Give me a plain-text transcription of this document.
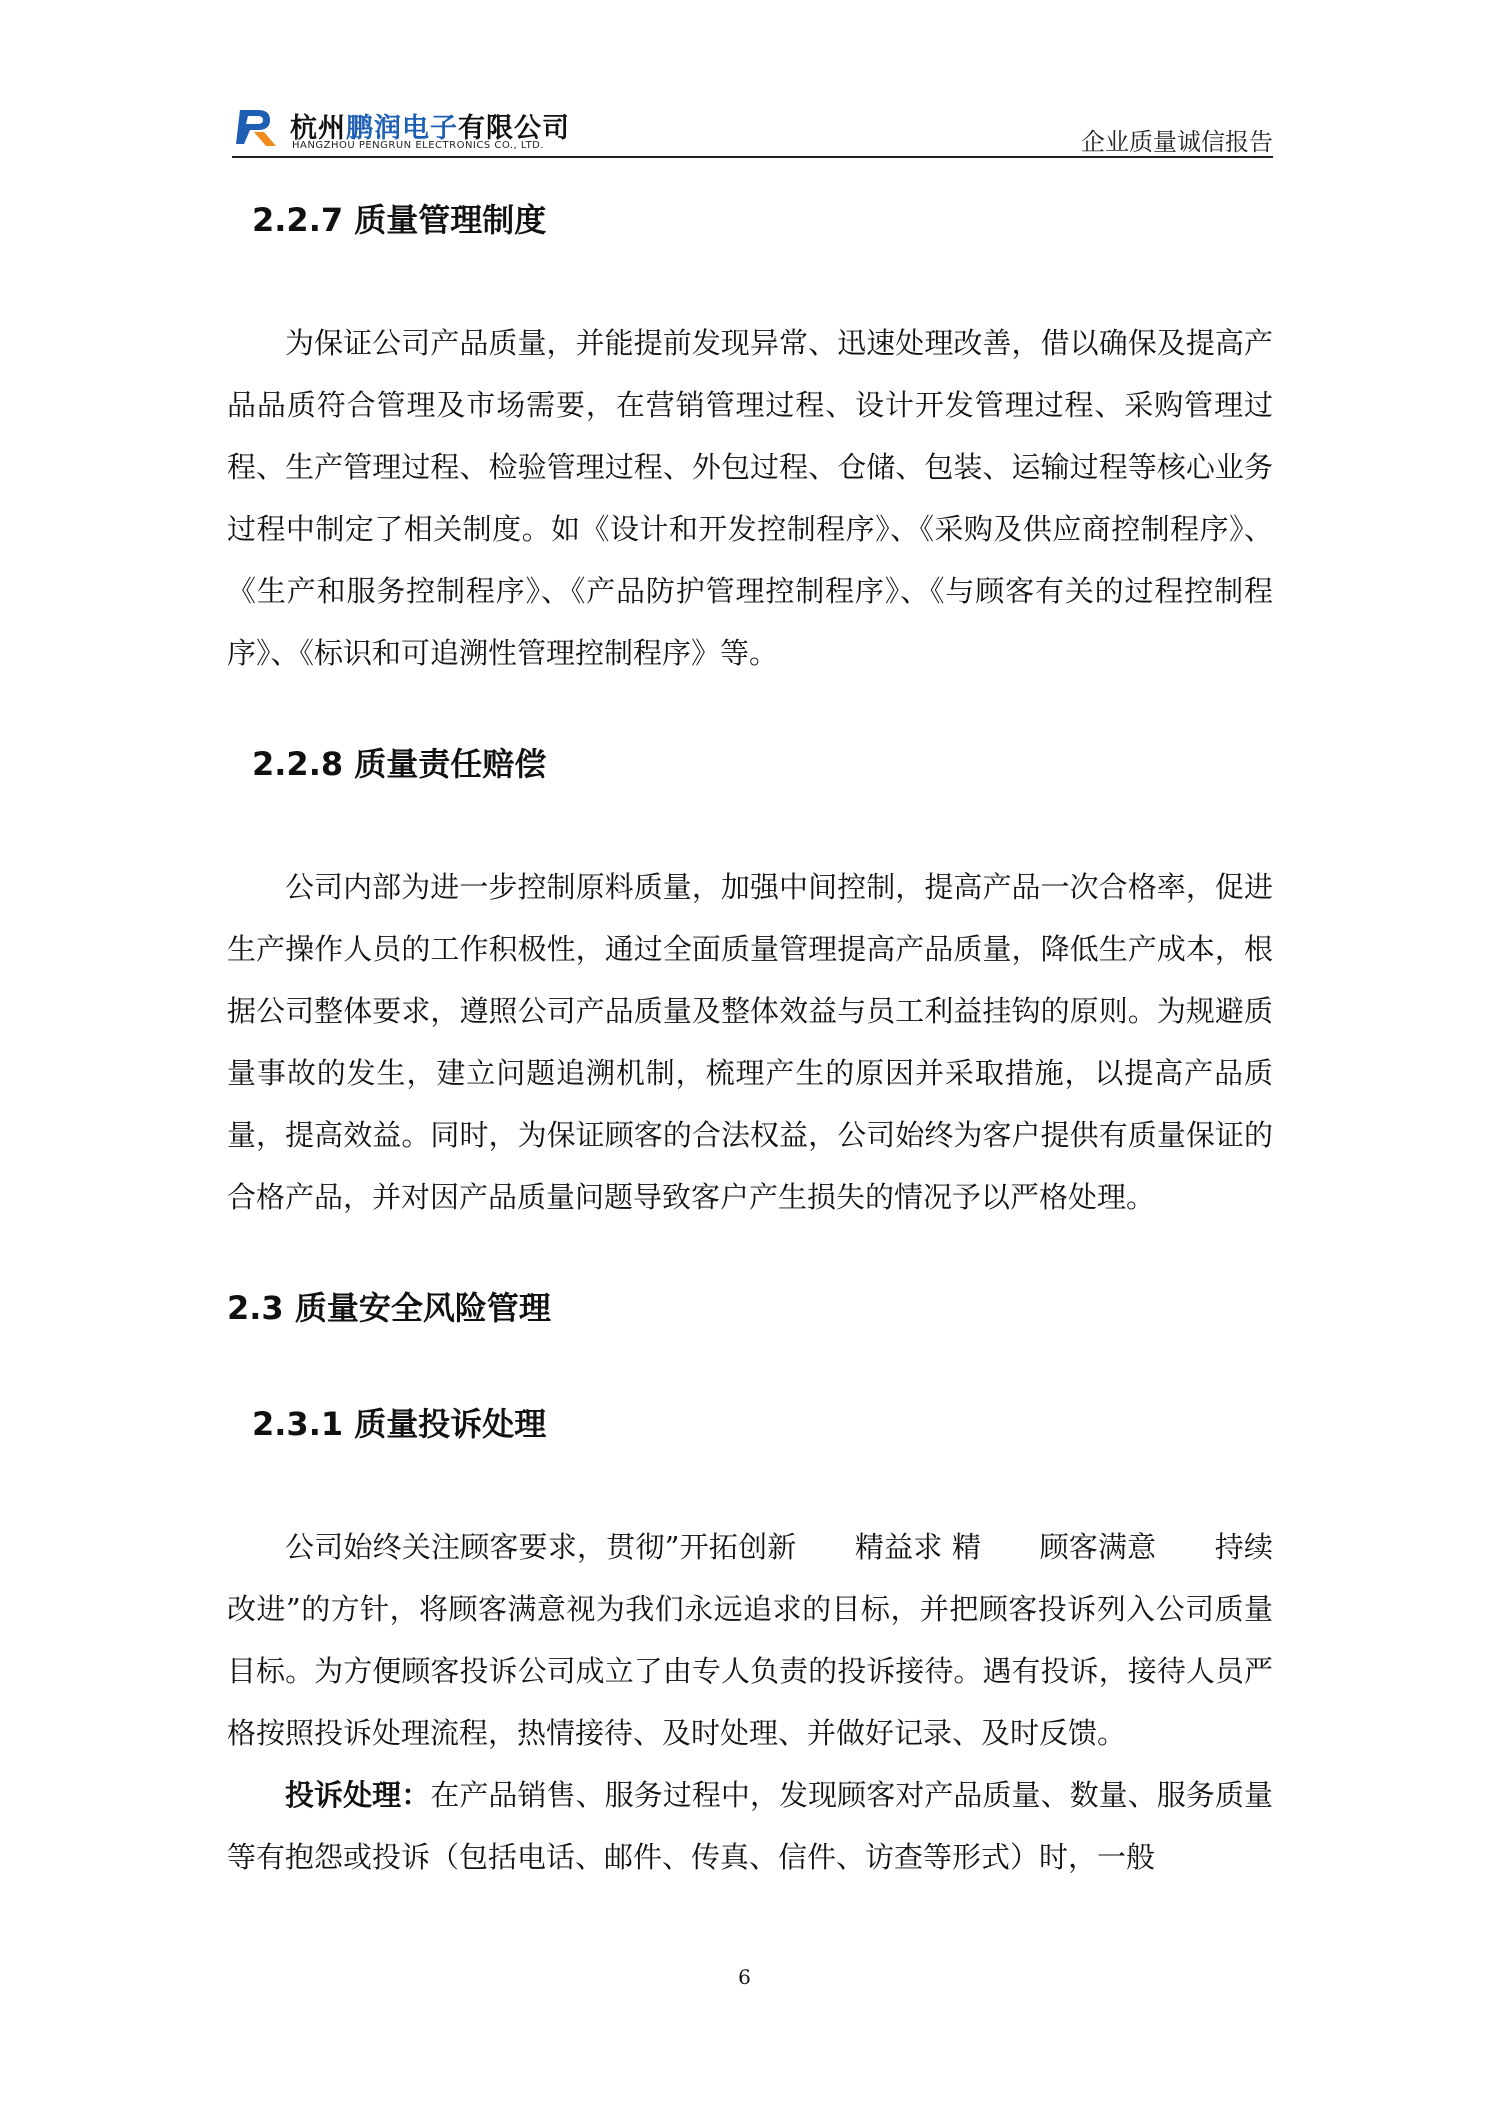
杭州鹏润电子有限公司
HANGZHOU PENGRUN ELECTRONICS CO., LTD.	企业质量诚信报告
2.2.7 质量管理制度

为保证公司产品质量，并能提前发现异常、迅速处理改善，借以确保及提高产品品质符合管理及市场需要，在营销管理过程、设计开发管理过程、采购管理过程、生产管理过程、检验管理过程、外包过程、仓储、包装、运输过程等核心业务过程中制定了相关制度。如《设计和开发控制程序》、《采购及供应商控制程序》、《生产和服务控制程序》、《产品防护管理控制程序》、《与顾客有关的过程控制程序》、《标识和可追溯性管理控制程序》等。

2.2.8 质量责任赔偿

公司内部为进一步控制原料质量，加强中间控制，提高产品一次合格率，促进生产操作人员的工作积极性，通过全面质量管理提高产品质量，降低生产成本，根据公司整体要求，遵照公司产品质量及整体效益与员工利益挂钩的原则。为规避质量事故的发生，建立问题追溯机制，梳理产生的原因并采取措施，以提高产品质量，提高效益。同时，为保证顾客的合法权益，公司始终为客户提供有质量保证的合格产品，并对因产品质量问题导致客户产生损失的情况予以严格处理。

2.3 质量安全风险管理
2.3.1 质量投诉处理

公司始终关注顾客要求，贯彻”开拓创新　　精益求 精　　顾客满意　　持续改进”的方针，将顾客满意视为我们永远追求的目标，并把顾客投诉列入公司质量目标。为方便顾客投诉公司成立了由专人负责的投诉接待。遇有投诉，接待人员严格按照投诉处理流程，热情接待、及时处理、并做好记录、及时反馈。

投诉处理：在产品销售、服务过程中，发现顾客对产品质量、数量、服务质量等有抱怨或投诉（包括电话、邮件、传真、信件、访查等形式）时，一般

6
